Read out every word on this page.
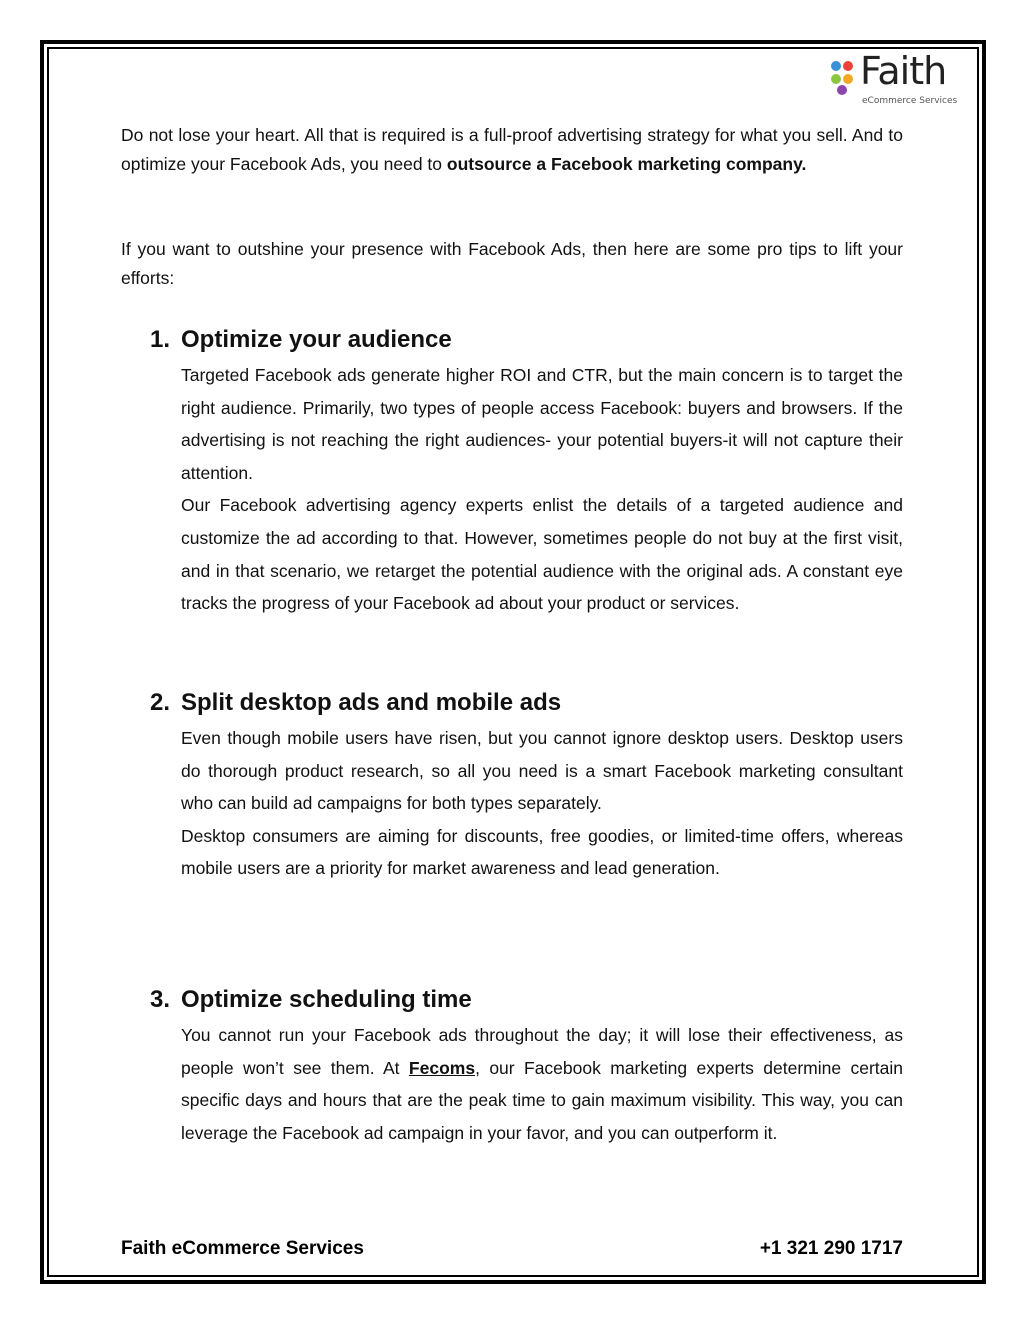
Faith
eCommerce Services

Do not lose your heart. All that is required is a full-proof advertising strategy for what you sell. And to optimize your Facebook Ads, you need to outsource a Facebook marketing company.

If you want to outshine your presence with Facebook Ads, then here are some pro tips to lift your efforts:

1. Optimize your audience

Targeted Facebook ads generate higher ROI and CTR, but the main concern is to target the right audience. Primarily, two types of people access Facebook: buyers and browsers. If the advertising is not reaching the right audiences- your potential buyers-it will not capture their attention.

Our Facebook advertising agency experts enlist the details of a targeted audience and customize the ad according to that. However, sometimes people do not buy at the first visit, and in that scenario, we retarget the potential audience with the original ads. A constant eye tracks the progress of your Facebook ad about your product or services.

2. Split desktop ads and mobile ads

Even though mobile users have risen, but you cannot ignore desktop users. Desktop users do thorough product research, so all you need is a smart Facebook marketing consultant who can build ad campaigns for both types separately.

Desktop consumers are aiming for discounts, free goodies, or limited-time offers, whereas mobile users are a priority for market awareness and lead generation.

3. Optimize scheduling time

You cannot run your Facebook ads throughout the day; it will lose their effectiveness, as people won’t see them. At Fecoms, our Facebook marketing experts determine certain specific days and hours that are the peak time to gain maximum visibility. This way, you can leverage the Facebook ad campaign in your favor, and you can outperform it.

Faith eCommerce Services	+1 321 290 1717
